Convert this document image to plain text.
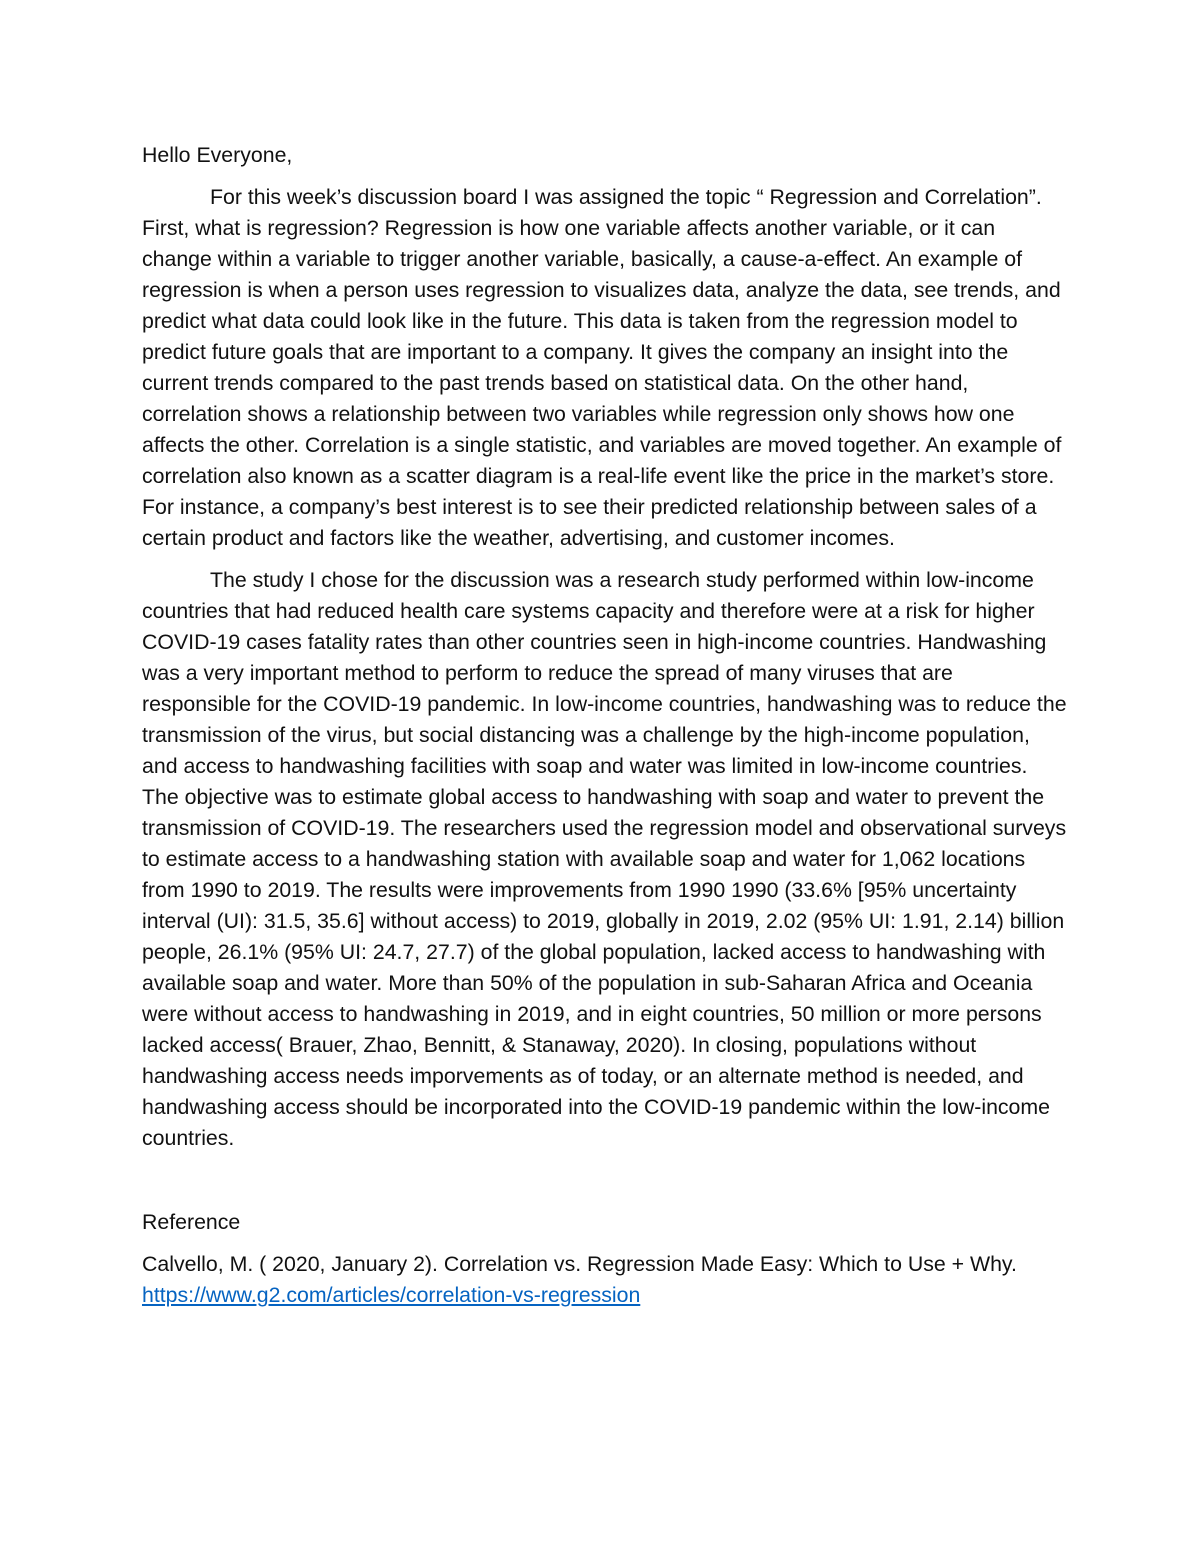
Hello Everyone,

For this week’s discussion board I was assigned the topic “ Regression and Correlation”. First, what is regression? Regression is how one variable affects another variable, or it can change within a variable to trigger another variable, basically, a cause-a-effect. An example of regression is when a person uses regression to visualizes data, analyze the data, see trends, and predict what data could look like in the future. This data is taken from the regression model to predict future goals that are important to a company. It gives the company an insight into the current trends compared to the past trends based on statistical data. On the other hand, correlation shows a relationship between two variables while regression only shows how one affects the other. Correlation is a single statistic, and variables are moved together. An example of correlation also known as a scatter diagram is a real-life event like the price in the market’s store. For instance, a company’s best interest is to see their predicted relationship between sales of a certain product and factors like the weather, advertising, and customer incomes.

The study I chose for the discussion was a research study performed within low-income countries that had reduced health care systems capacity and therefore were at a risk for higher COVID-19 cases fatality rates than other countries seen in high-income countries. Handwashing was a very important method to perform to reduce the spread of many viruses that are responsible for the COVID-19 pandemic. In low-income countries, handwashing was to reduce the transmission of the virus, but social distancing was a challenge by the high-income population, and access to handwashing facilities with soap and water was limited in low-income countries. The objective was to estimate global access to handwashing with soap and water to prevent the transmission of COVID-19. The researchers used the regression model and observational surveys to estimate access to a handwashing station with available soap and water for 1,062 locations from 1990 to 2019. The results were improvements from 1990 1990 (33.6% [95% uncertainty interval (UI): 31.5, 35.6] without access) to 2019, globally in 2019, 2.02 (95% UI: 1.91, 2.14) billion people, 26.1% (95% UI: 24.7, 27.7) of the global population, lacked access to handwashing with available soap and water. More than 50% of the population in sub-Saharan Africa and Oceania were without access to handwashing in 2019, and in eight countries, 50 million or more persons lacked access( Brauer, Zhao, Bennitt, & Stanaway, 2020). In closing, populations without handwashing access needs imporvements as of today, or an alternate method is needed, and handwashing access should be incorporated into the COVID-19 pandemic within the low-income countries.

Reference

Calvello, M. ( 2020, January 2). Correlation vs. Regression Made Easy: Which to Use + Why.
https://www.g2.com/articles/correlation-vs-regression
